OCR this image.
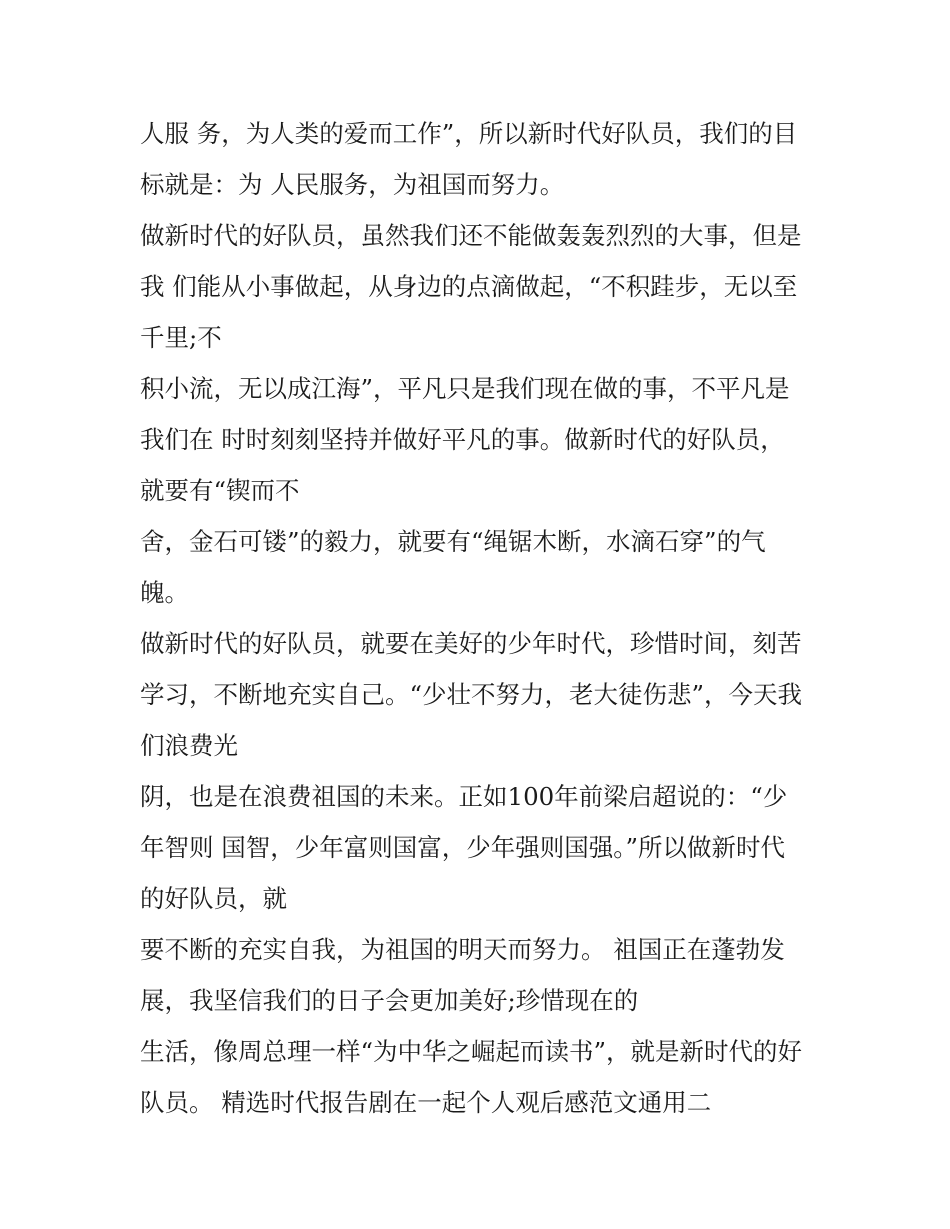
人服 务，为人类的爱而工作”，所以新时代好队员，我们的目
标就是：为 人民服务，为祖国而努力。
做新时代的好队员，虽然我们还不能做轰轰烈烈的大事，但是
我 们能从小事做起，从身边的点滴做起，“不积跬步，无以至
千里;不
积小流，无以成江海”，平凡只是我们现在做的事，不平凡是
我们在 时时刻刻坚持并做好平凡的事。做新时代的好队员，
就要有“锲而不
舍，金石可镂”的毅力，就要有“绳锯木断，水滴石穿”的气
魄。
做新时代的好队员，就要在美好的少年时代，珍惜时间，刻苦
学习，不断地充实自己。“少壮不努力，老大徒伤悲”，今天我
们浪费光
阴，也是在浪费祖国的未来。正如100年前梁启超说的：“少
年智则 国智，少年富则国富，少年强则国强。”所以做新时代
的好队员，就
要不断的充实自我，为祖国的明天而努力。 祖国正在蓬勃发
展，我坚信我们的日子会更加美好;珍惜现在的
生活，像周总理一样“为中华之崛起而读书”，就是新时代的好
队员。 精选时代报告剧在一起个人观后感范文通用二
